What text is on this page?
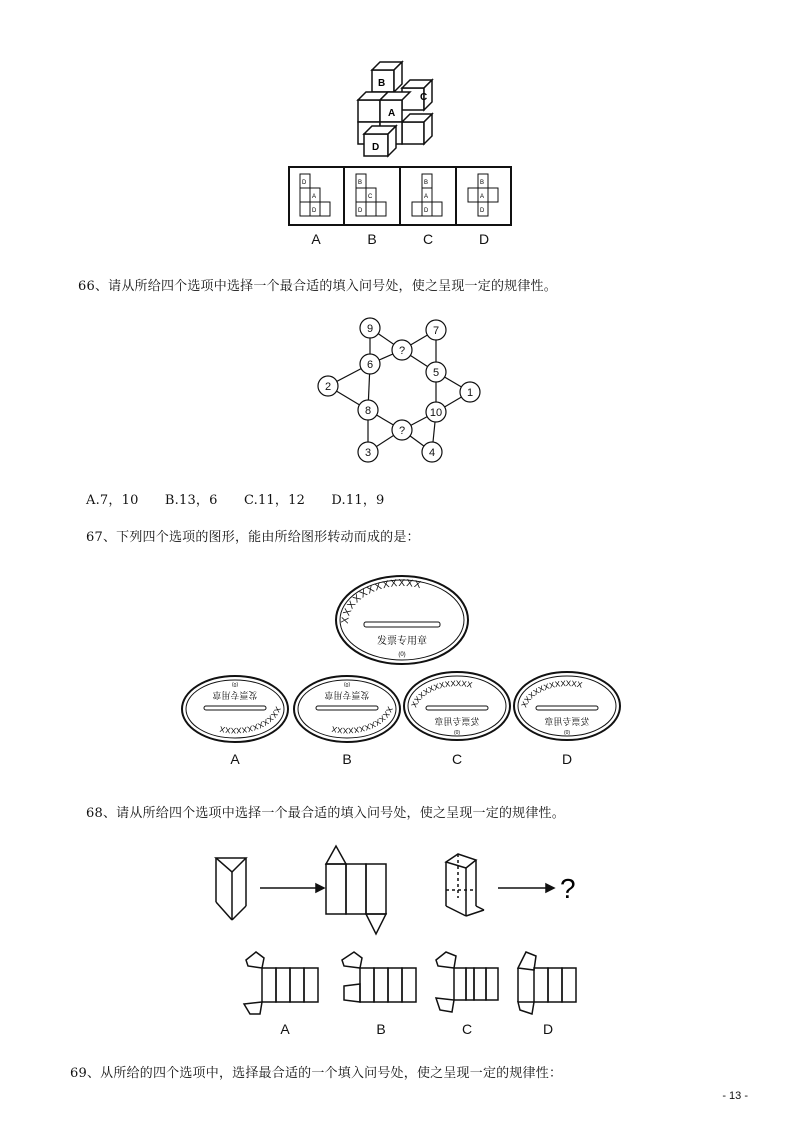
B
C
A
D
D
A
D
B
C
D
B
A
D
B
A
D
A	B	C	D
66、请从所给四个选项中选择一个最合适的填入问号处，使之呈现一定的规律性。
9
?
7
6
5
2	1
8	10
?
3	4
A.7，10 B.13，6 C.11，12 D.11，9
67、下列四个选项的图形，能由所给图形转动而成的是：
XXXXXXXXXXXX
发票专用章
(0)
XXXXXXXXXXXX
发票专用章
(0)
XXXXXXXXXXXX
发票专用章
(0)
XXXXXXXXXXXX
发票专用章
(0)
XXXXXXXXXXXX
发票专用章
(0)
A	B	C	D
68、请从所给四个选项中选择一个最合适的填入问号处，使之呈现一定的规律性。
?
A	B	C	D
69、从所给的四个选项中，选择最合适的一个填入问号处，使之呈现一定的规律性：
- 13 -
